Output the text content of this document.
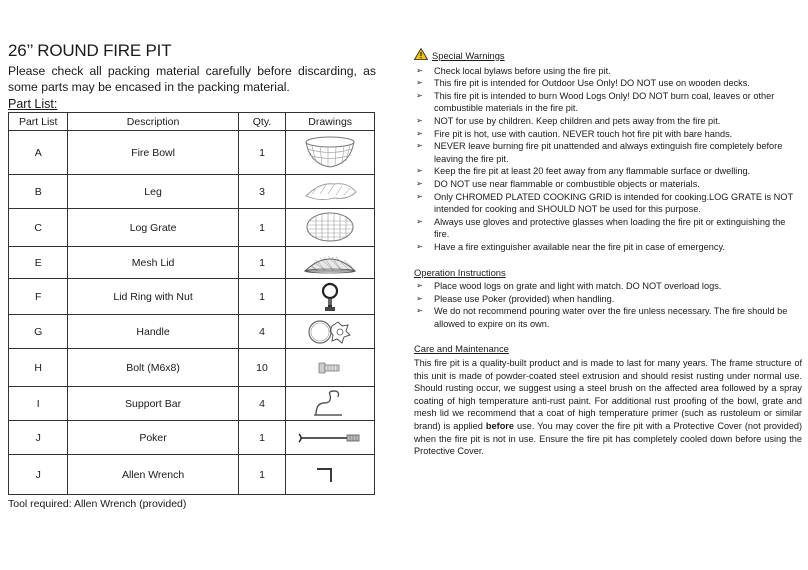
26’’ ROUND FIRE PIT

Please check all packing material carefully before discarding, as some parts may be encased in the packing material.

Part List:

Part List	Description	Qty.	Drawings
A	Fire Bowl	1	

B	Leg	3	

C	Log Grate	1	

E	Mesh Lid	1	

F	Lid Ring with Nut	1	

G	Handle	4	

H	Bolt (M6x8)	10	

I	Support Bar	4	

J	Poker	1	

J	Allen Wrench	1	
Tool required: Allen Wrench (provided)
Special Warnings
➢ Check local bylaws before using the fire pit.
➢ This fire pit is intended for Outdoor Use Only! DO NOT use on wooden decks.
➢ This fire pit is intended to burn Wood Logs Only! DO NOT burn coal, leaves or other combustible materials in the fire pit.
➢ NOT for use by children. Keep children and pets away from the fire pit.
➢ Fire pit is hot, use with caution. NEVER touch hot fire pit with bare hands.
➢ NEVER leave burning fire pit unattended and always extinguish fire completely before leaving the fire pit.
➢ Keep the fire pit at least 20 feet away from any flammable surface or dwelling.
➢ DO NOT use near flammable or combustible objects or materials.
➢ Only CHROMED PLATED COOKING GRID is intended for cooking.LOG GRATE is NOT intended for cooking and SHOULD NOT be used for this purpose.
➢ Always use gloves and protective glasses when loading the fire pit or extinguishing the fire.
➢ Have a fire extinguisher available near the fire pit in case of emergency.
Operation Instructions
➢ Place wood logs on grate and light with match. DO NOT overload logs.
➢ Please use Poker (provided) when handling.
➢ We do not recommend pouring water over the fire unless necessary. The fire should be allowed to expire on its own.
Care and Maintenance

This fire pit is a quality-built product and is made to last for many years. The frame structure of this unit is made of powder-coated steel extrusion and should resist rusting under normal use. Should rusting occur, we suggest using a steel brush on the affected area followed by a spray coating of high temperature anti-rust paint. For additional rust proofing of the bowl, grate and mesh lid we recommend that a coat of high temperature primer (such as rustoleum or similar brand) is applied before use. You may cover the fire pit with a Protective Cover (not provided) when the fire pit is not in use. Ensure the fire pit has completely cooled down before using the Protective Cover.
